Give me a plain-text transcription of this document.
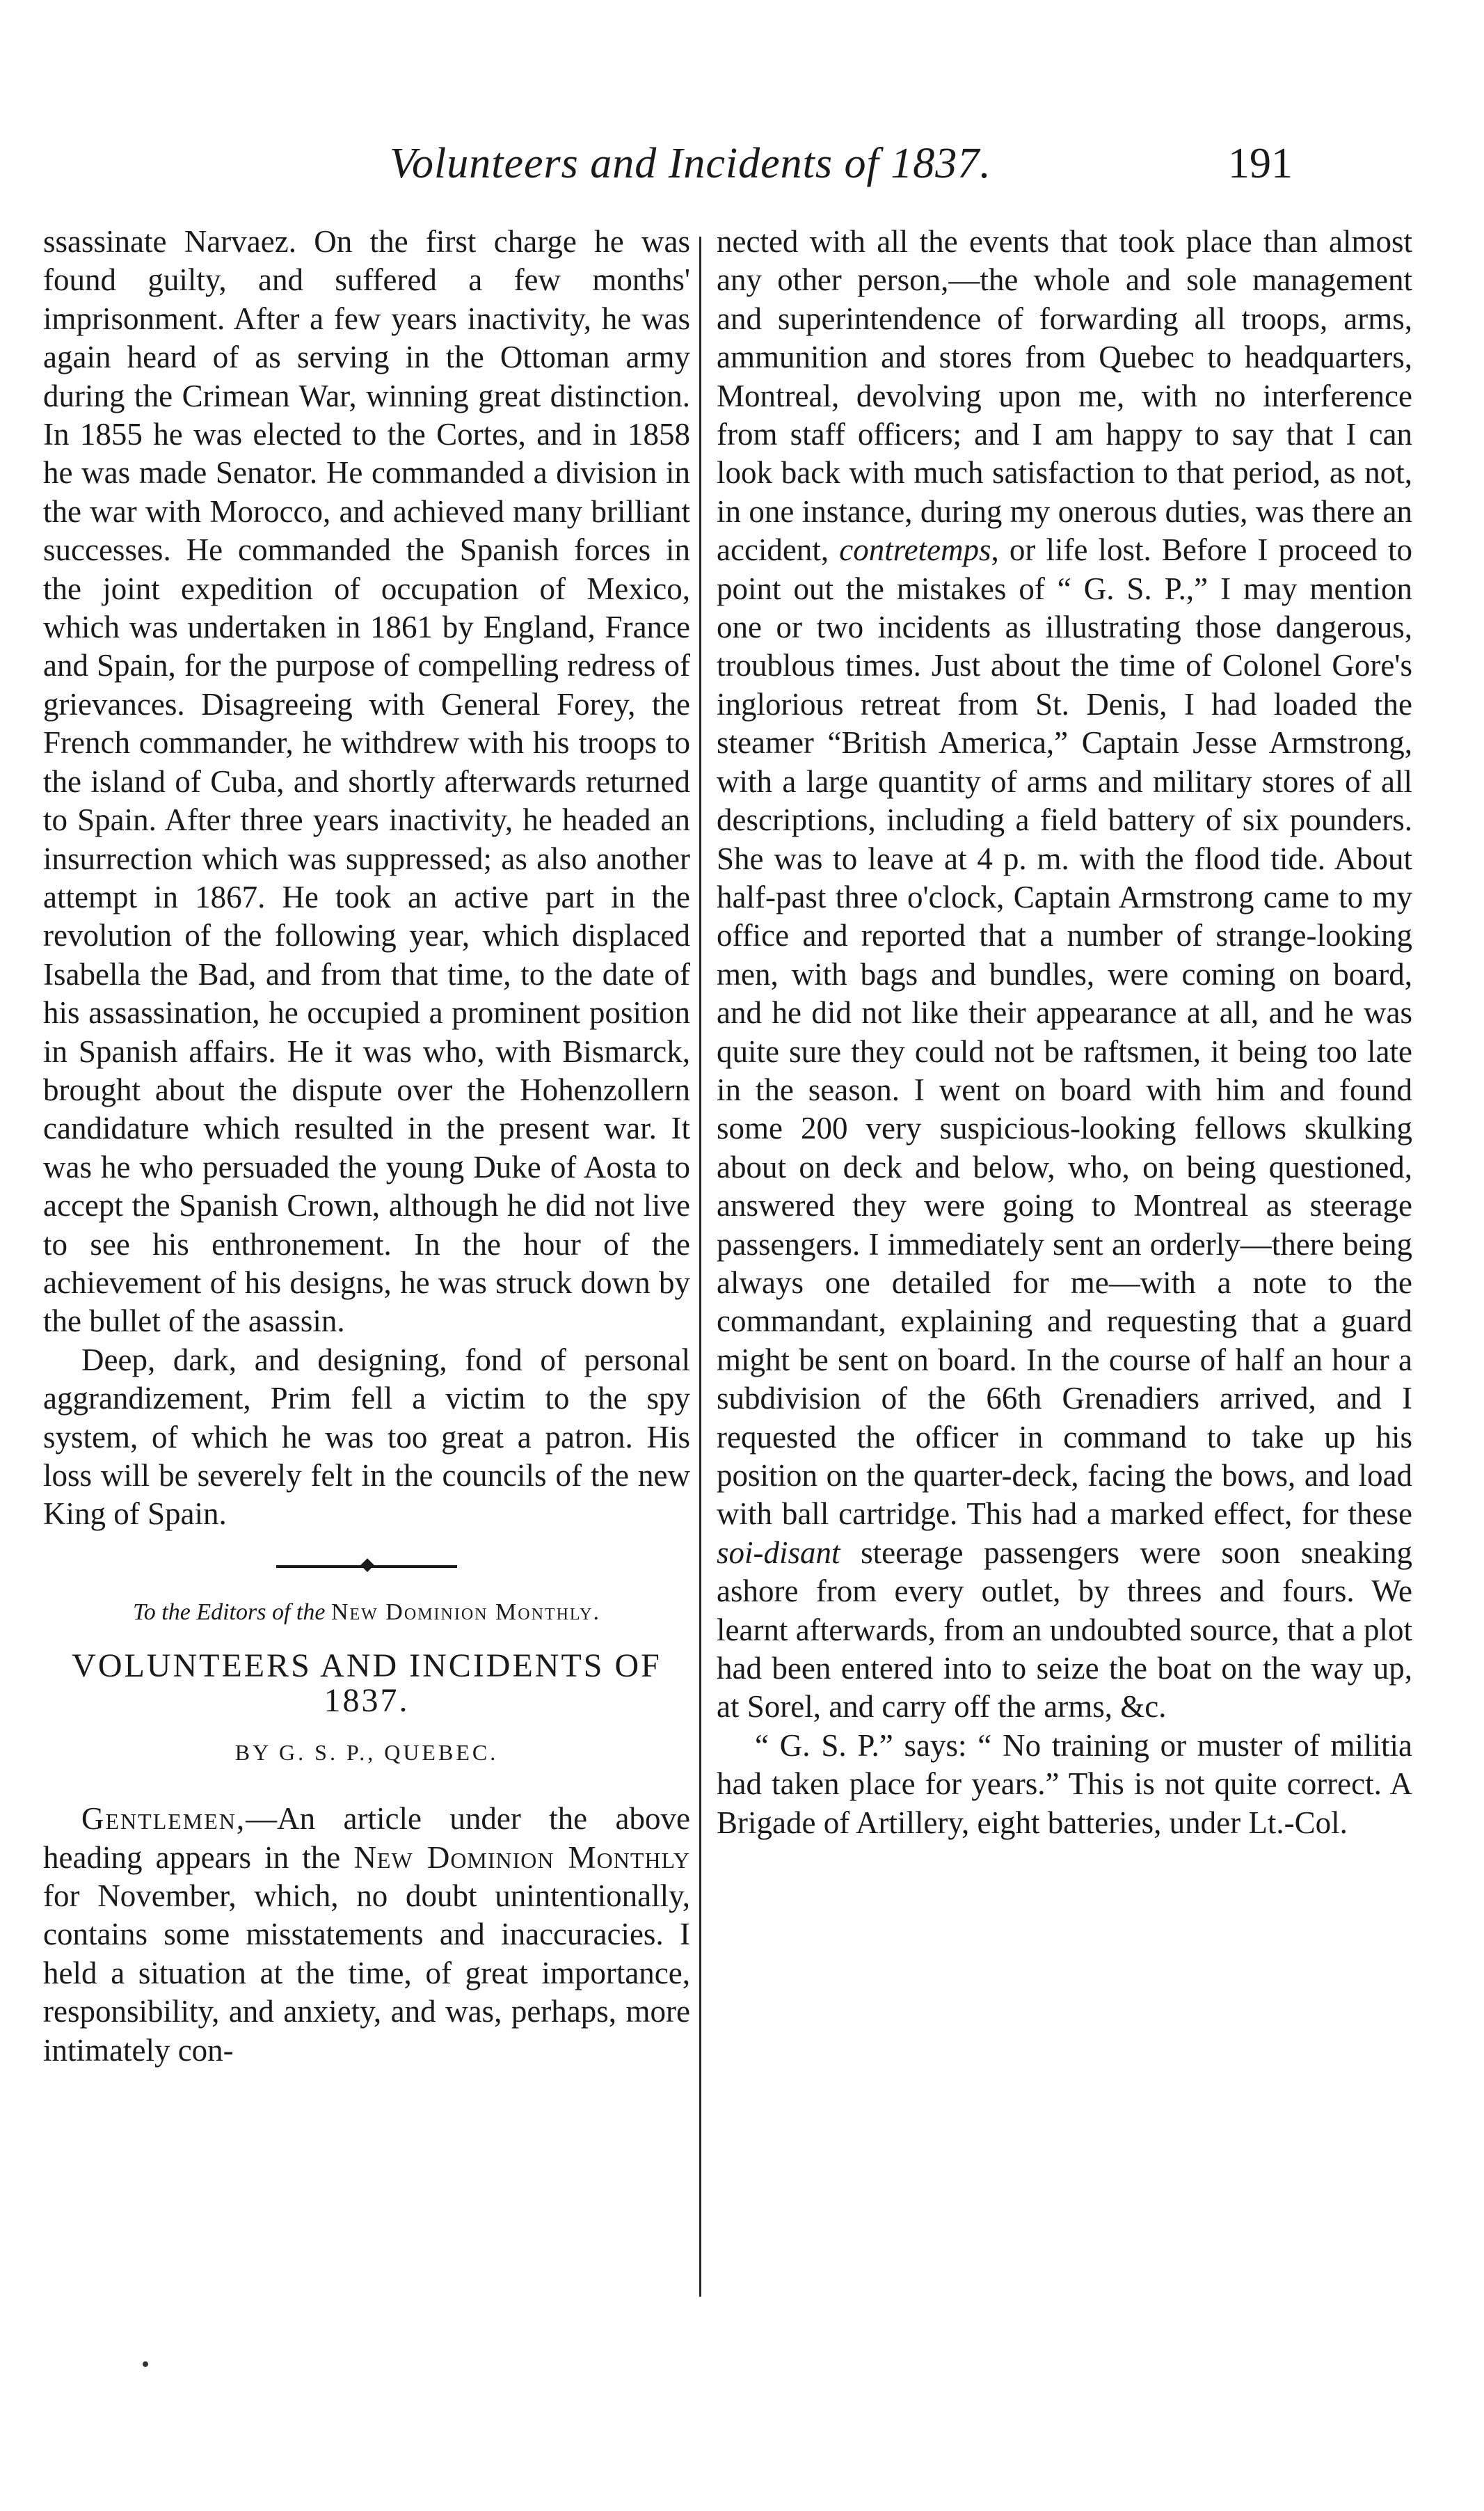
Volunteers and Incidents of 1837.	191

ssassinate Narvaez. On the first charge he was found guilty, and suffered a few months' imprisonment. After a few years inactivity, he was again heard of as serving in the Ottoman army during the Crimean War, winning great distinction. In 1855 he was elected to the Cortes, and in 1858 he was made Senator. He commanded a division in the war with Morocco, and achieved many brilliant successes. He commanded the Spanish forces in the joint expedition of occupation of Mexico, which was undertaken in 1861 by England, France and Spain, for the purpose of compelling redress of grievances. Disagreeing with General Forey, the French commander, he withdrew with his troops to the island of Cuba, and shortly afterwards returned to Spain. After three years inactivity, he headed an insurrection which was suppressed; as also another attempt in 1867. He took an active part in the revolution of the following year, which displaced Isabella the Bad, and from that time, to the date of his assassination, he occupied a prominent position in Spanish affairs. He it was who, with Bismarck, brought about the dispute over the Hohenzollern candidature which resulted in the present war. It was he who persuaded the young Duke of Aosta to accept the Spanish Crown, although he did not live to see his enthronement. In the hour of the achievement of his designs, he was struck down by the bullet of the asassin.

Deep, dark, and designing, fond of personal aggrandizement, Prim fell a victim to the spy system, of which he was too great a patron. His loss will be severely felt in the councils of the new King of Spain.

To the Editors of the New Dominion Monthly.
VOLUNTEERS AND INCIDENTS OF 1837.
BY G. S. P., QUEBEC.

Gentlemen,—An article under the above heading appears in the New Dominion Monthly for November, which, no doubt unintentionally, contains some misstatements and inaccuracies. I held a situation at the time, of great importance, responsibility, and anxiety, and was, perhaps, more intimately con-

nected with all the events that took place than almost any other person,—the whole and sole management and superintendence of forwarding all troops, arms, ammunition and stores from Quebec to headquarters, Montreal, devolving upon me, with no interference from staff officers; and I am happy to say that I can look back with much satisfaction to that period, as not, in one instance, during my onerous duties, was there an accident, contretemps, or life lost. Before I proceed to point out the mistakes of “ G. S. P.,” I may mention one or two incidents as illustrating those dangerous, troublous times. Just about the time of Colonel Gore's inglorious retreat from St. Denis, I had loaded the steamer “British America,” Captain Jesse Armstrong, with a large quantity of arms and military stores of all descriptions, including a field battery of six pounders. She was to leave at 4 p. m. with the flood tide. About half-past three o'clock, Captain Armstrong came to my office and reported that a number of strange-looking men, with bags and bundles, were coming on board, and he did not like their appearance at all, and he was quite sure they could not be raftsmen, it being too late in the season. I went on board with him and found some 200 very suspicious-looking fellows skulking about on deck and below, who, on being questioned, answered they were going to Montreal as steerage passengers. I immediately sent an orderly—there being always one detailed for me—with a note to the commandant, explaining and requesting that a guard might be sent on board. In the course of half an hour a subdivision of the 66th Grenadiers arrived, and I requested the officer in command to take up his position on the quarter-deck, facing the bows, and load with ball cartridge. This had a marked effect, for these soi-disant steerage passengers were soon sneaking ashore from every outlet, by threes and fours. We learnt afterwards, from an undoubted source, that a plot had been entered into to seize the boat on the way up, at Sorel, and carry off the arms, &c.

“ G. S. P.” says: “ No training or muster of militia had taken place for years.” This is not quite correct. A Brigade of Artillery, eight batteries, under Lt.-Col.
